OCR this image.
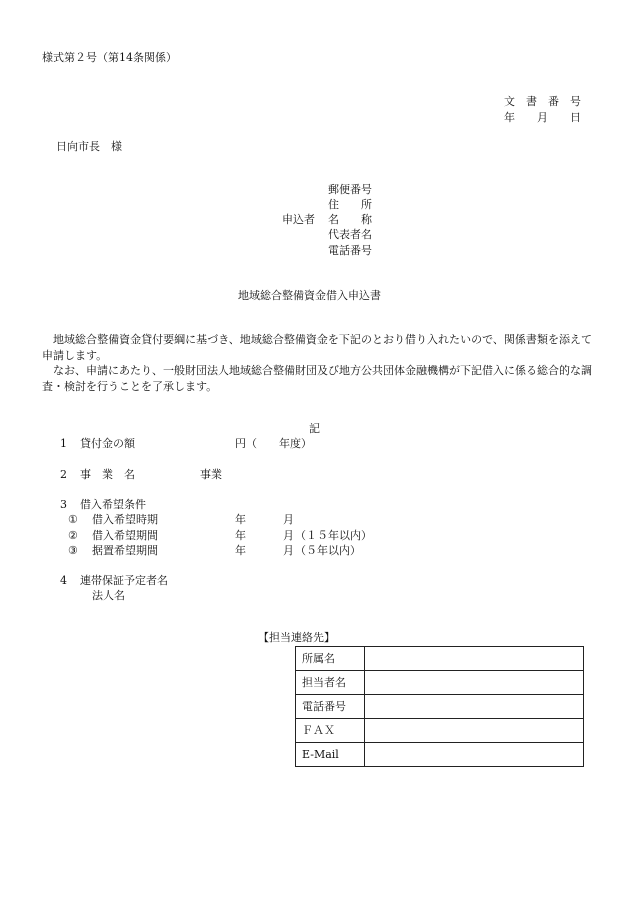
様式第２号（第14条関係）
文　書　番　号
年　　月　　日
日向市長　様
申込者
郵便番号
住　　所
名　　称
代表者名
電話番号
地域総合整備資金借入申込書
　地域総合整備資金貸付要綱に基づき、地域総合整備資金を下記のとおり借り入れたいので、関係書類を添えて申請します。
　なお、申請にあたり、一般財団法人地域総合整備財団及び地方公共団体金融機構が下記借入に係る総合的な調査・検討を行うことを了承します。
記
1 貸付金の額	円（　　年度）
2 事　業　名	事業
3 借入希望条件
① 借入希望時期	年	月
② 借入希望期間	年	月 （１５年以内）
③ 据置希望期間	年	月 （５年以内）
4 連帯保証予定者名
法人名
【担当連絡先】
所属名	
担当者名	
電話番号	
ＦＡＸ	
E-Mail	
